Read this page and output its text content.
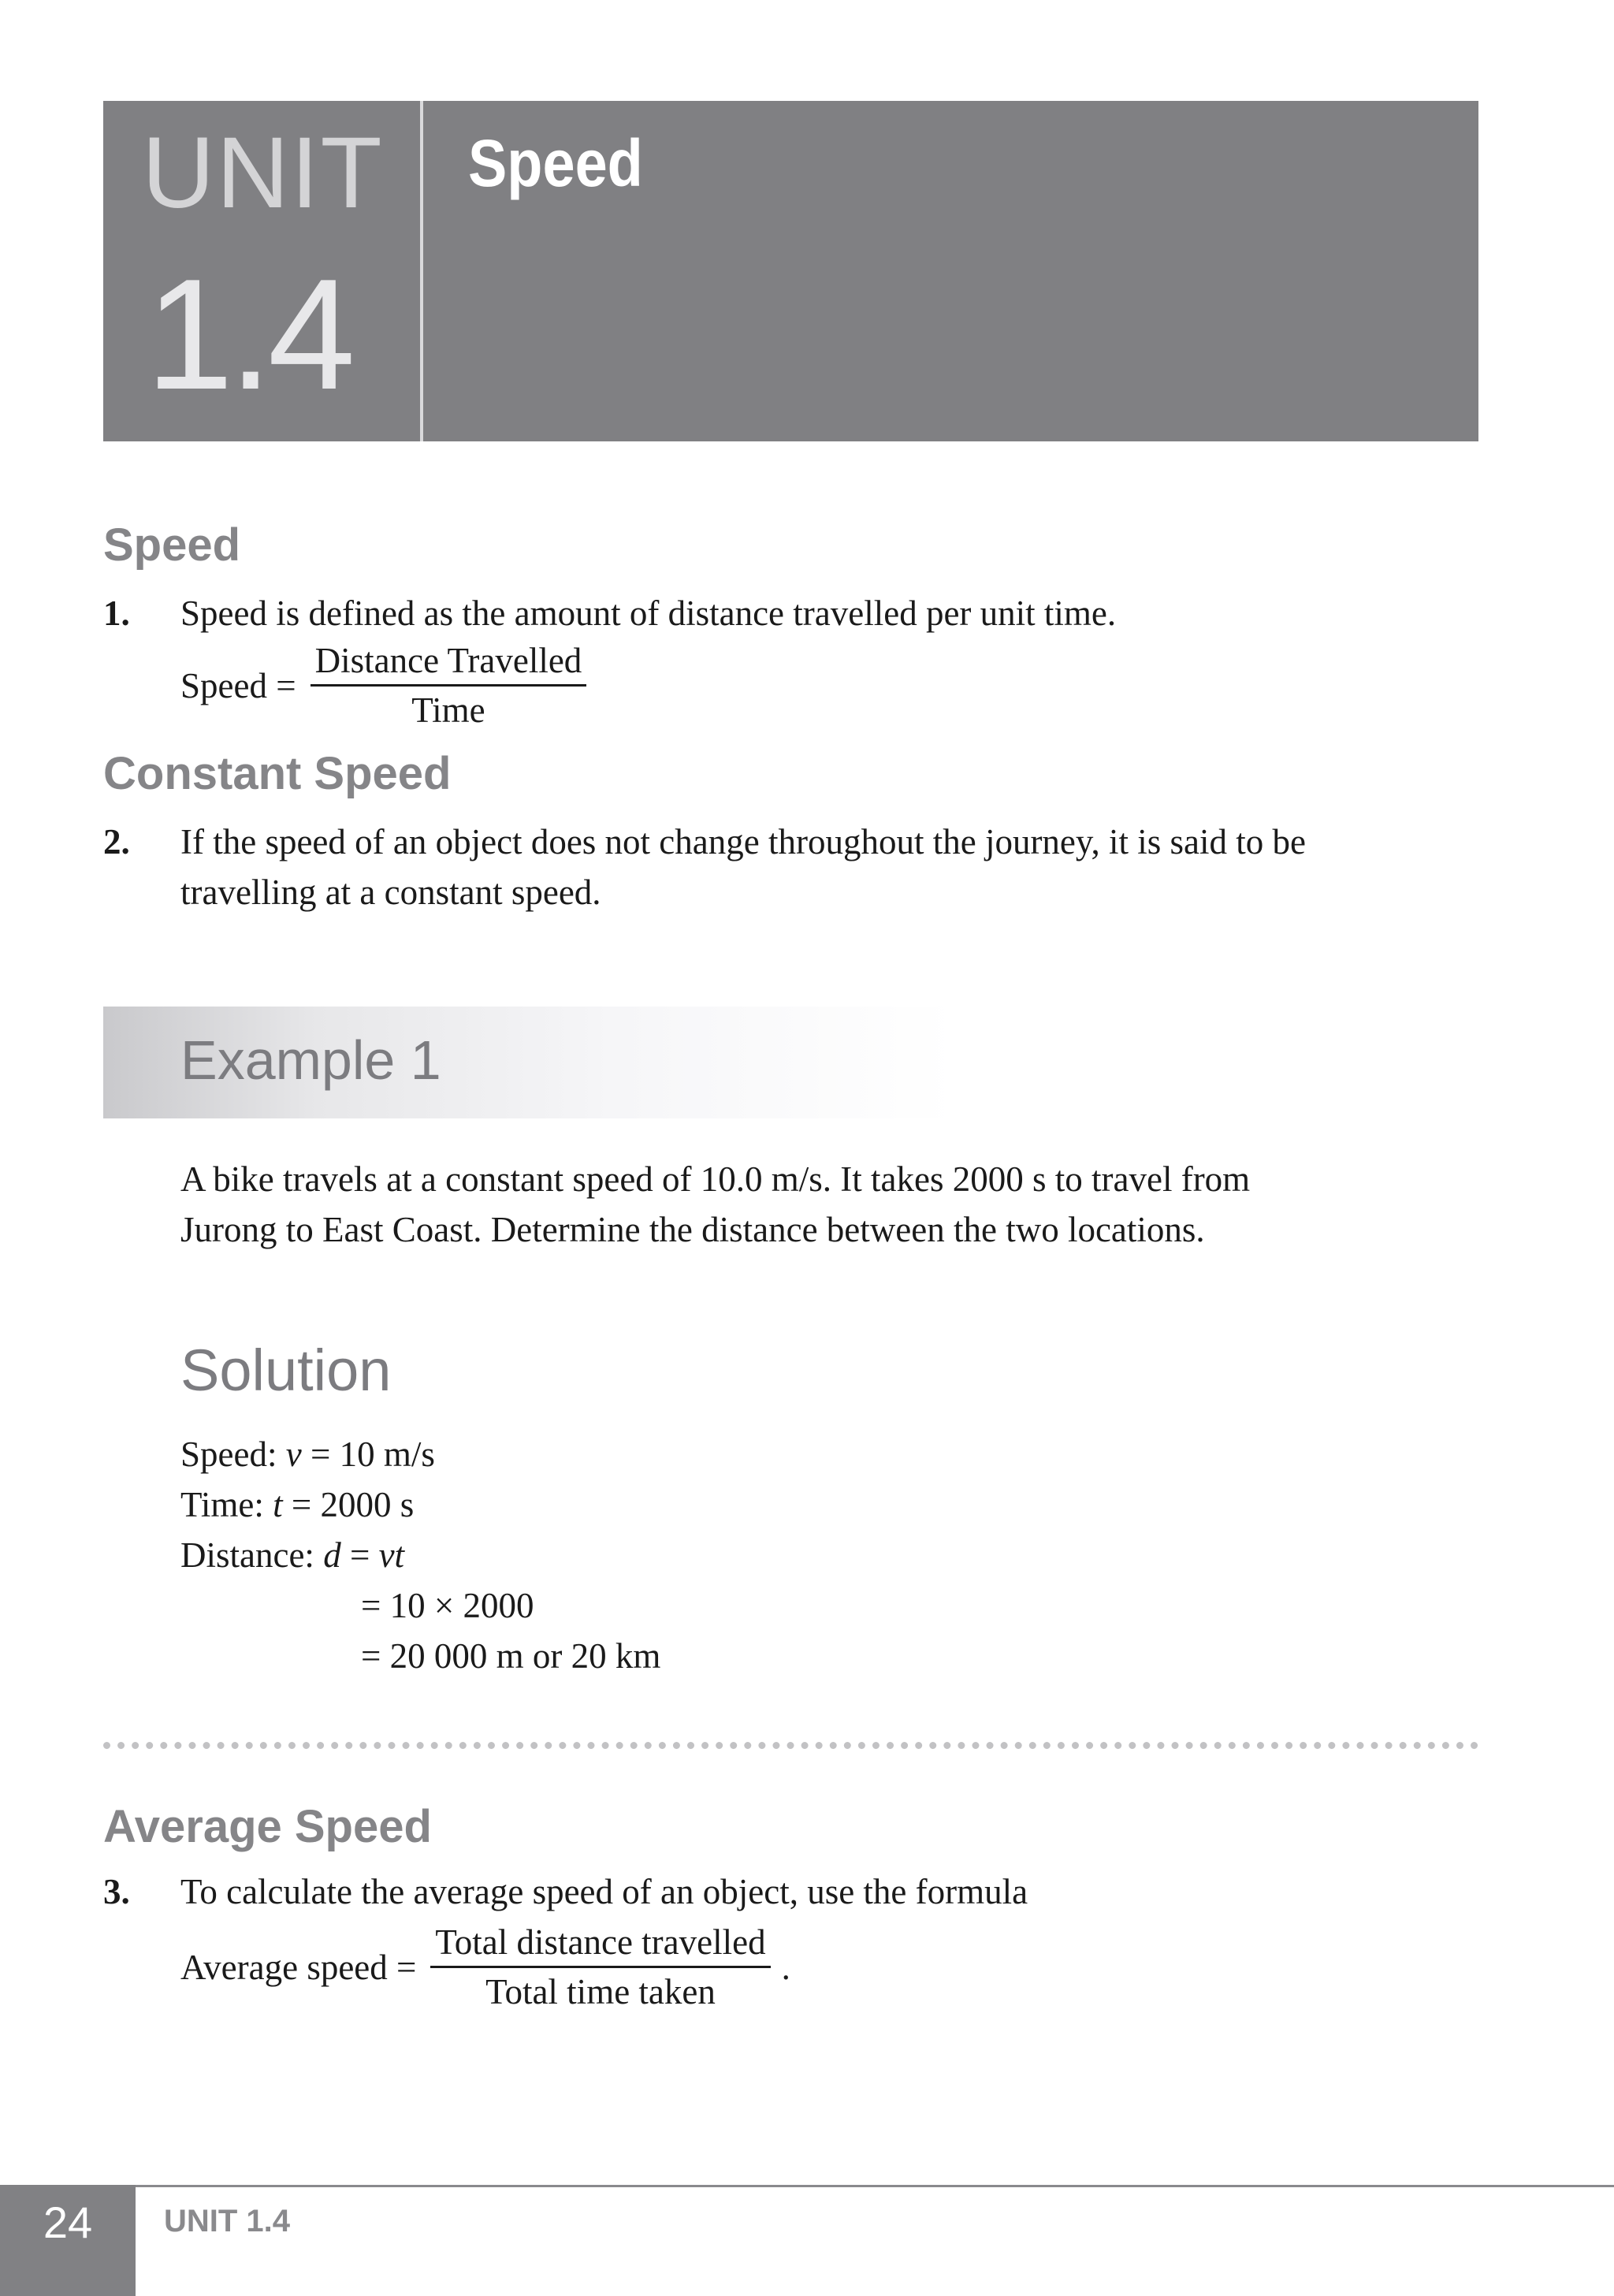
UNIT
1.4
Speed
Speed
1. Speed is defined as the amount of distance travelled per unit time.
Speed = $\frac{\text{Distance Travelled}}{\text{Time}}$
Constant Speed
2. If the speed of an object does not change throughout the journey, it is said to be
travelling at a constant speed.
Example 1
A bike travels at a constant speed of 10.0 m/s. It takes 2000 s to travel from
Jurong to East Coast. Determine the distance between the two locations.
Solution
Speed: v = 10 m/s
Time: t = 2000 s
Distance: d = vt
= 10 × 2000
= 20 000 m or 20 km
Average Speed
3. To calculate the average speed of an object, use the formula
Average speed = $\frac{\text{Total distance travelled}}{\text{Total time taken}}$ .
24	UNIT 1.4
